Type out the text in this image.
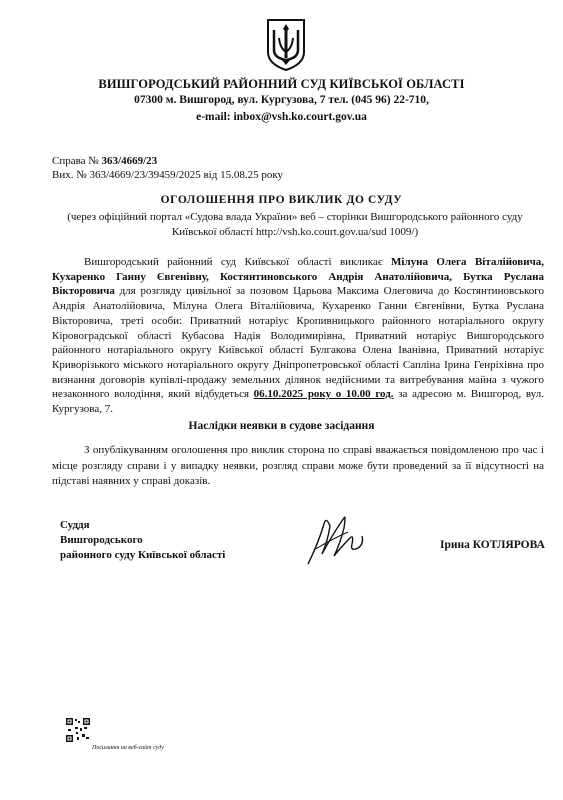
ВИШГОРОДСЬКИЙ РАЙОННИЙ СУД КИЇВСЬКОЇ ОБЛАСТІ
07300 м. Вишгород, вул. Кургузова, 7 тел. (045 96) 22-710,
e-mail: inbox@vsh.ko.court.gov.ua
Справа № 363/4669/23
Вих. № 363/4669/23/39459/2025 від 15.08.25 року
ОГОЛОШЕННЯ ПРО ВИКЛИК ДО СУДУ
(через офіційний портал «Судова влада України» веб – сторінки Вишгородського районного суду Київської області http://vsh.ko.court.gov.ua/sud 1009/)
Вишгородський районний суд Київської області викликає Мілуна Олега Віталійовича, Кухаренко Ганну Євгенівну, Костянтиновського Андрія Анатолійовича, Бутка Руслана Вікторовича для розгляду цивільної за позовом Царьова Максима Олеговича до Костянтиновського Андрія Анатолійовича, Мілуна Олега Віталійовича, Кухаренко Ганни Євгенівни, Бутка Руслана Вікторовича, треті особи: Приватний нотаріус Кропивницького районного нотаріального округу Кіровоградської області Кубасова Надія Володимирівна, Приватний нотаріус Вишгородського районного нотаріального округу Київської області Булгакова Олена Іванівна, Приватний нотаріус Криворізького міського нотаріального округу Дніпропетровської області Сапліна Ірина Генріхівна про визнання договорів купівлі-продажу земельних ділянок недійсними та витребування майна з чужого незаконного володіння, який відбудеться 06.10.2025 року о 10.00 год. за адресою м. Вишгород, вул. Кургузова, 7.
Наслідки неявки в судове засідання
З опублікуванням оголошення про виклик сторона по справі вважається повідомленою про час і місце розгляду справи і у випадку неявки, розгляд справи може бути проведений за її відсутності на підставі наявних у справі доказів.
Суддя
Вишгородського
районного суду Київської області
Ірина КОТЛЯРОВА
Посилання на веб-сайт суду
